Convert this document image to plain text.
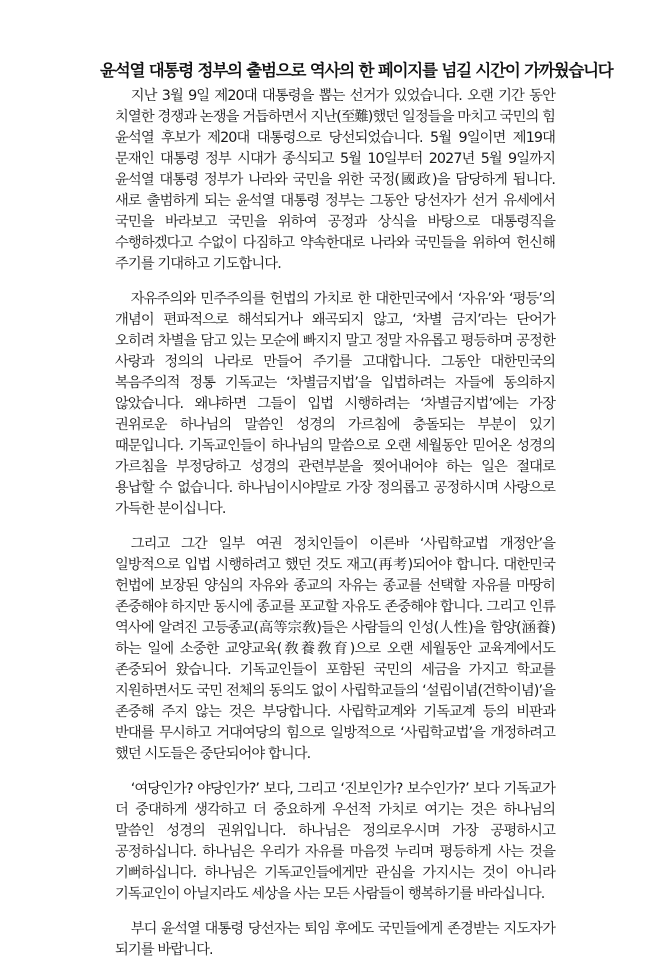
윤석열 대통령 정부의 출범으로 역사의 한 페이지를 넘길 시간이 가까웠습니다

지난 3월 9일 제20대 대통령을 뽑는 선거가 있었습니다. 오랜 기간 동안 치열한 경쟁과 논쟁을 거듭하면서 지난(至難)했던 일정들을 마치고 국민의 힘 윤석열 후보가 제20대 대통령으로 당선되었습니다. 5월 9일이면 제19대 문재인 대통령 정부 시대가 종식되고 5월 10일부터 2027년 5월 9일까지 윤석열 대통령 정부가 나라와 국민을 위한 국정(國政)을 담당하게 됩니다. 새로 출범하게 되는 윤석열 대통령 정부는 그동안 당선자가 선거 유세에서 국민을 바라보고 국민을 위하여 공정과 상식을 바탕으로 대통령직을 수행하겠다고 수없이 다짐하고 약속한대로 나라와 국민들을 위하여 헌신해 주기를 기대하고 기도합니다.

자유주의와 민주주의를 헌법의 가치로 한 대한민국에서 ‘자유’와 ‘평등’의 개념이 편파적으로 해석되거나 왜곡되지 않고, ‘차별 금지’라는 단어가 오히려 차별을 담고 있는 모순에 빠지지 말고 정말 자유롭고 평등하며 공정한 사랑과 정의의 나라로 만들어 주기를 고대합니다. 그동안 대한민국의 복음주의적 정통 기독교는 ‘차별금지법’을 입법하려는 자들에 동의하지 않았습니다. 왜냐하면 그들이 입법 시행하려는 ‘차별금지법’에는 가장 권위로운 하나님의 말씀인 성경의 가르침에 충돌되는 부분이 있기 때문입니다. 기독교인들이 하나님의 말씀으로 오랜 세월동안 믿어온 성경의 가르침을 부정당하고 성경의 관련부분을 찢어내어야 하는 일은 절대로 용납할 수 없습니다. 하나님이시야말로 가장 정의롭고 공정하시며 사랑으로 가득한 분이십니다.

그리고 그간 일부 여권 정치인들이 이른바 ‘사립학교법 개정안’을 일방적으로 입법 시행하려고 했던 것도 재고(再考)되어야 합니다. 대한민국 헌법에 보장된 양심의 자유와 종교의 자유는 종교를 선택할 자유를 마땅히 존중해야 하지만 동시에 종교를 포교할 자유도 존중해야 합니다. 그리고 인류 역사에 알려진 고등종교(高等宗敎)들은 사람들의 인성(人性)을 함양(涵養)하는 일에 소중한 교양교육(敎養敎育)으로 오랜 세월동안 교육계에서도 존중되어 왔습니다. 기독교인들이 포함된 국민의 세금을 가지고 학교를 지원하면서도 국민 전체의 동의도 없이 사립학교들의 ‘설립이념(건학이념)’을 존중해 주지 않는 것은 부당합니다. 사립학교계와 기독교계 등의 비판과 반대를 무시하고 거대여당의 힘으로 일방적으로 ‘사립학교법’을 개정하려고 했던 시도들은 중단되어야 합니다.

‘여당인가? 야당인가?’ 보다, 그리고 ‘진보인가? 보수인가?’ 보다 기독교가 더 중대하게 생각하고 더 중요하게 우선적 가치로 여기는 것은 하나님의 말씀인 성경의 권위입니다. 하나님은 정의로우시며 가장 공평하시고 공정하십니다. 하나님은 우리가 자유를 마음껏 누리며 평등하게 사는 것을 기뻐하십니다. 하나님은 기독교인들에게만 관심을 가지시는 것이 아니라 기독교인이 아닐지라도 세상을 사는 모든 사람들이 행복하기를 바라십니다.

부디 윤석열 대통령 당선자는 퇴임 후에도 국민들에게 존경받는 지도자가 되기를 바랍니다.
